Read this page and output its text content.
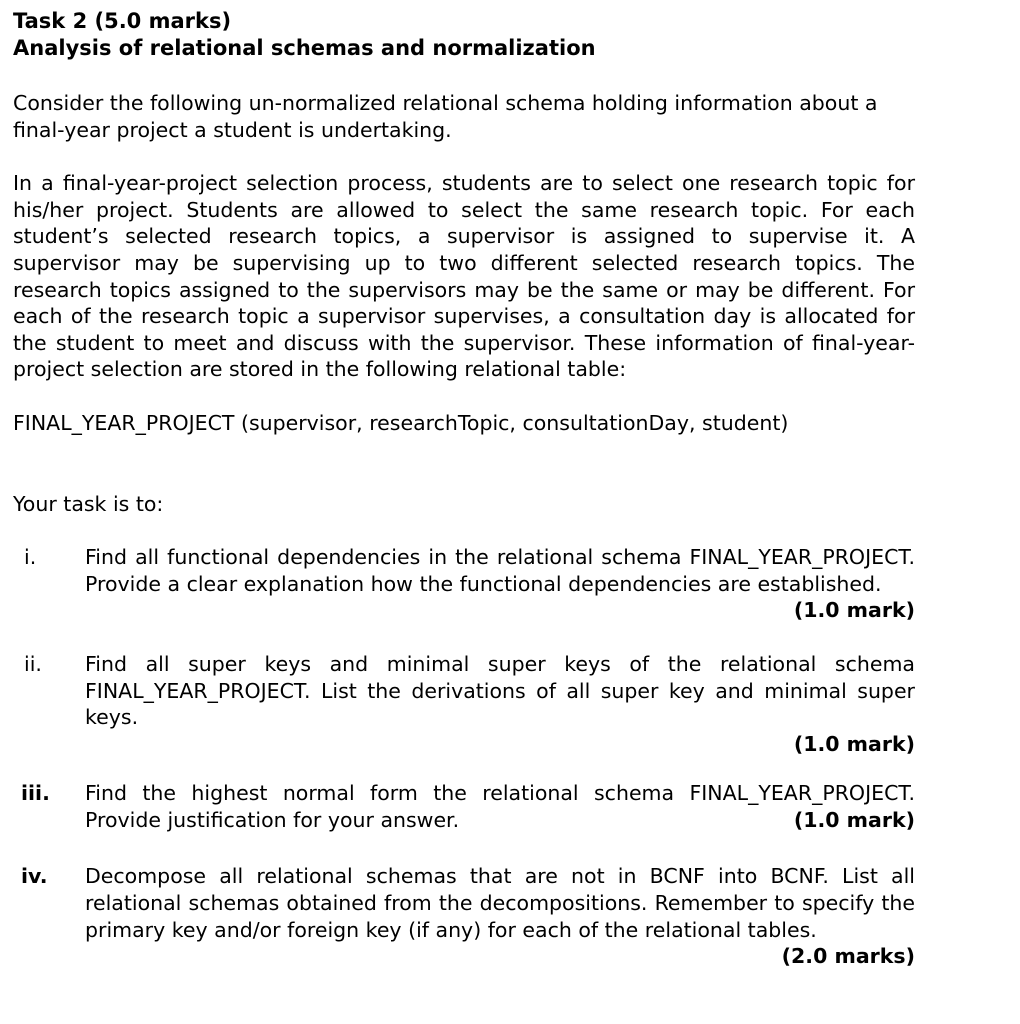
Task 2 (5.0 marks)
Analysis of relational schemas and normalization

Consider the following un-normalized relational schema holding information about a final-year project a student is undertaking.

In a final-year-project selection process, students are to select one research topic for his/her project. Students are allowed to select the same research topic. For each student’s selected research topics, a supervisor is assigned to supervise it. A supervisor may be supervising up to two different selected research topics. The research topics assigned to the supervisors may be the same or may be different. For each of the research topic a supervisor supervises, a consultation day is allocated for the student to meet and discuss with the supervisor. These information of final-year- project selection are stored in the following relational table:

FINAL_YEAR_PROJECT (supervisor, researchTopic, consultationDay, student)

Your task is to:

i. Find all functional dependencies in the relational schema FINAL_YEAR_PROJECT. Provide a clear explanation how the functional dependencies are established.
(1.0 mark)
ii. Find all super keys and minimal super keys of the relational schema FINAL_YEAR_PROJECT. List the derivations of all super key and minimal super keys.
(1.0 mark)
iii. Find the highest normal form the relational schema FINAL_YEAR_PROJECT. Provide justification for your answer.	(1.0 mark)
iv. Decompose all relational schemas that are not in BCNF into BCNF. List all relational schemas obtained from the decompositions. Remember to specify the primary key and/or foreign key (if any) for each of the relational tables.
(2.0 marks)
